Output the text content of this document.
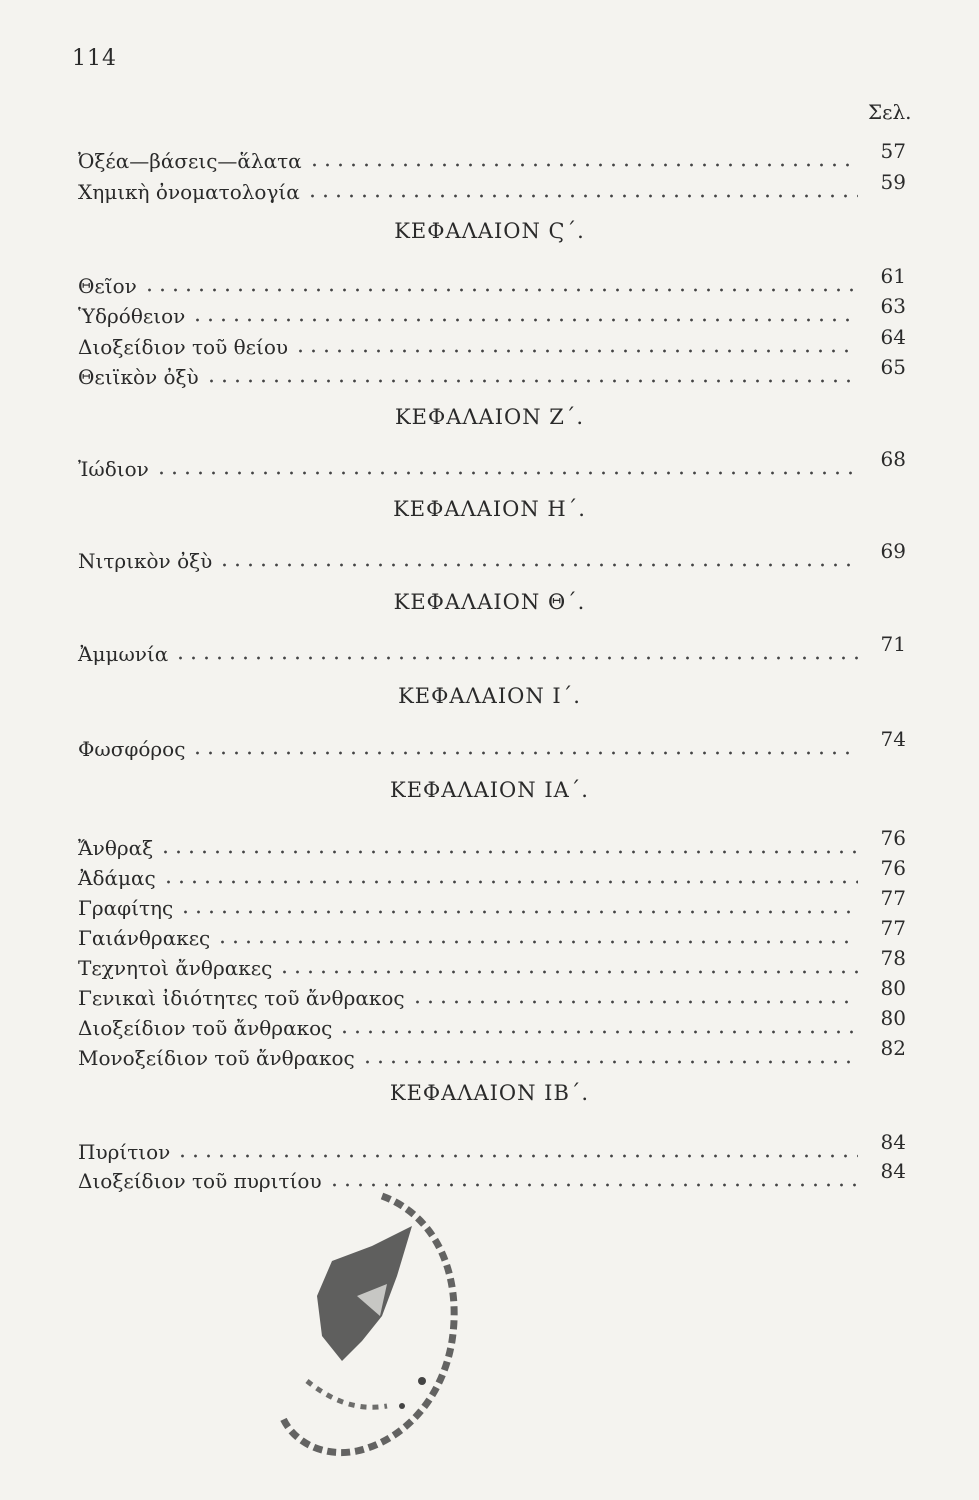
114
Σελ.
Ὀξέα—βάσεις—ἅλατα	57
Χημικὴ ὀνοματολογία	59
ΚΕΦΑΛΑΙΟΝ Ϛ΄.
Θεῖον	61
Ὑδρόθειον	63
Διοξείδιον τοῦ θείου	64
Θειϊκὸν ὀξὺ	65
ΚΕΦΑΛΑΙΟΝ Ζ΄.
Ἰώδιον	68
ΚΕΦΑΛΑΙΟΝ Η΄.
Νιτρικὸν ὀξὺ	69
ΚΕΦΑΛΑΙΟΝ Θ΄.
Ἀμμωνία	71
ΚΕΦΑΛΑΙΟΝ Ι΄.
Φωσφόρος	74
ΚΕΦΑΛΑΙΟΝ ΙΑ΄.
Ἄνθραξ	76
Ἀδάμας	76
Γραφίτης	77
Γαιάνθρακες	77
Τεχνητοὶ ἄνθρακες	78
Γενικαὶ ἰδιότητες τοῦ ἄνθρακος	80
Διοξείδιον τοῦ ἄνθρακος	80
Μονοξείδιον τοῦ ἄνθρακος	82
ΚΕΦΑΛΑΙΟΝ ΙΒ΄.
Πυρίτιον	84
Διοξείδιον τοῦ πυριτίου	84
